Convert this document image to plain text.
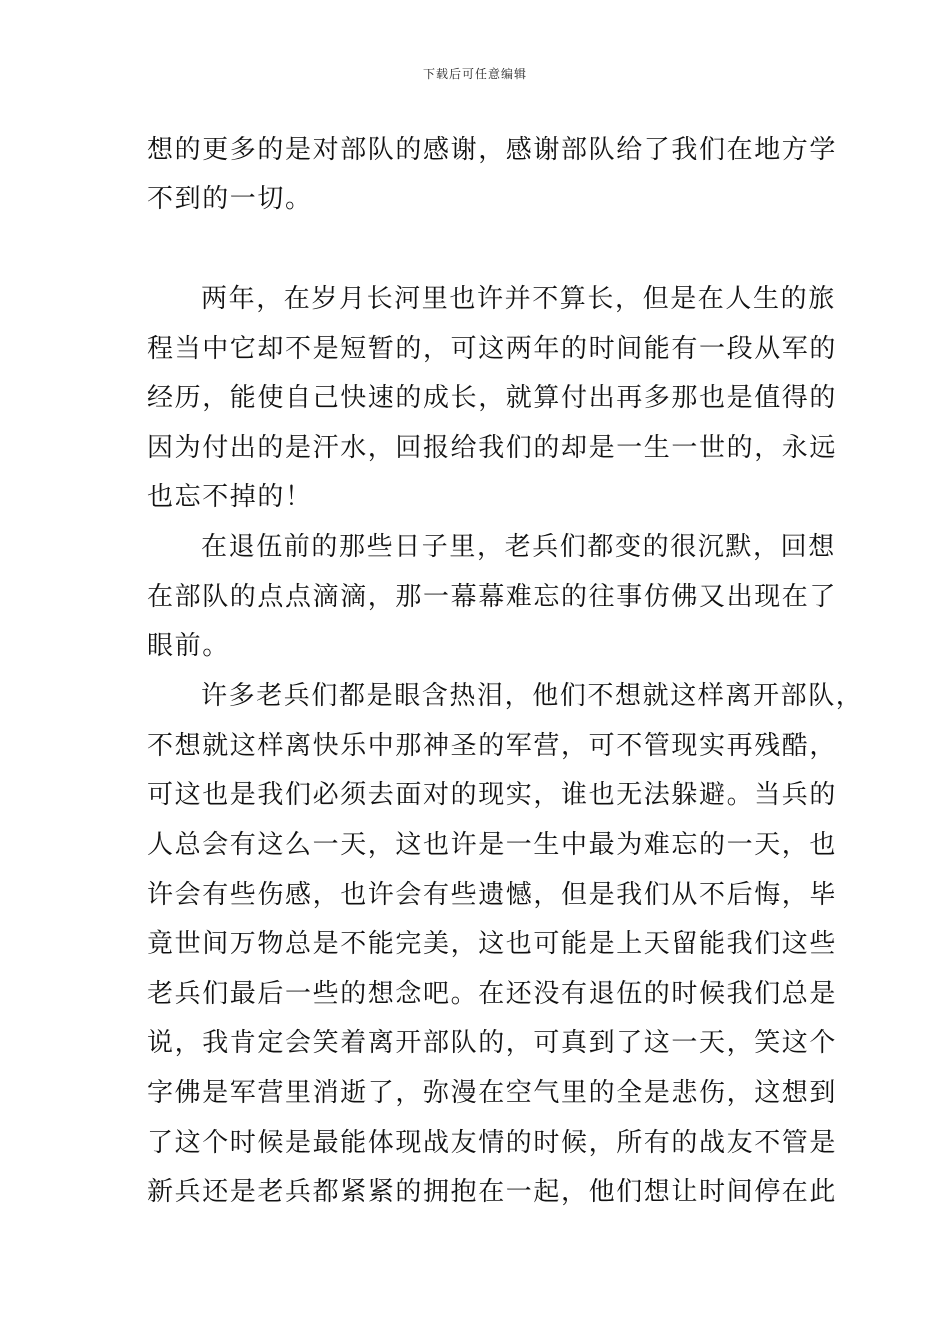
下载后可任意编辑
想的更多的是对部队的感谢，感谢部队给了我们在地方学
不到的一切。
两年，在岁月长河里也许并不算长，但是在人生的旅
程当中它却不是短暂的，可这两年的时间能有一段从军的
经历，能使自己快速的成长，就算付出再多那也是值得的
因为付出的是汗水，回报给我们的却是一生一世的，永远
也忘不掉的！
在退伍前的那些日子里，老兵们都变的很沉默，回想
在部队的点点滴滴，那一幕幕难忘的往事仿佛又出现在了
眼前。
许多老兵们都是眼含热泪，他们不想就这样离开部队，
不想就这样离快乐中那神圣的军营，可不管现实再残酷，
可这也是我们必须去面对的现实，谁也无法躲避。当兵的
人总会有这么一天，这也许是一生中最为难忘的一天，也
许会有些伤感，也许会有些遗憾，但是我们从不后悔，毕
竟世间万物总是不能完美，这也可能是上天留能我们这些
老兵们最后一些的想念吧。在还没有退伍的时候我们总是
说，我肯定会笑着离开部队的，可真到了这一天，笑这个
字佛是军营里消逝了，弥漫在空气里的全是悲伤，这想到
了这个时候是最能体现战友情的时候，所有的战友不管是
新兵还是老兵都紧紧的拥抱在一起，他们想让时间停在此
